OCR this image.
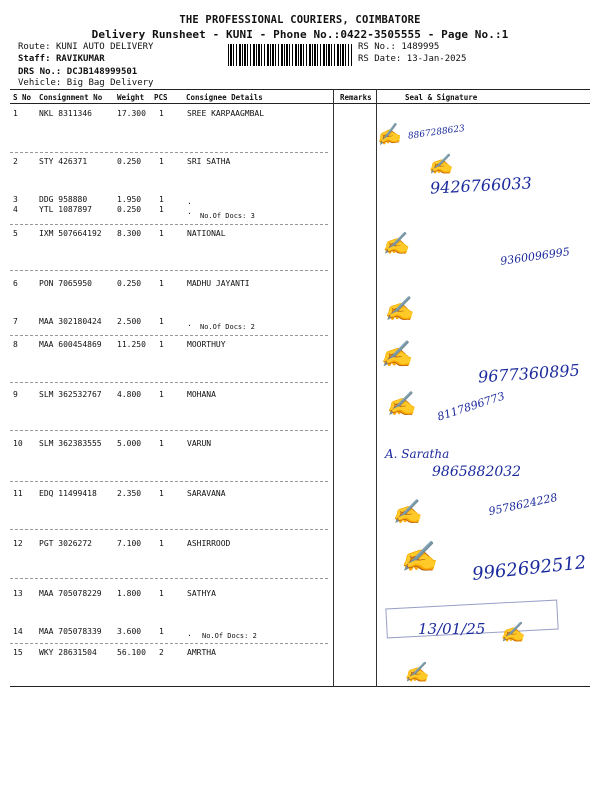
THE PROFESSIONAL COURIERS, COIMBATORE
Delivery Runsheet - KUNI - Phone No.:0422-3505555 - Page No.:1
Route: KUNI AUTO DELIVERY
Staff: RAVIKUMAR
DRS No.: DCJB148999501
Vehicle: Big Bag Delivery
RS No.: 1489995
RS Date: 13-Jan-2025
S No Consignment No Weight PCS Consignee Details	Remarks	Seal & Signature
1	NKL 8311346	17.300 1	SREE KARPAAGMBAL
2	STY 426371	0.250 1	SRI SATHA
3	DDG 958880	1.950 1	.
4	YTL 1087897	0.250 1	.
5	IXM 507664192 8.300 1	NATIONAL
6	PON 7065950	0.250 1	MADHU JAYANTI
7	MAA 302180424 2.500 1	.
8	MAA 600454869 11.250 1	MOORTHUY
9	SLM 362532767 4.800 1	MOHANA
10 SLM 362383555 5.000 1	VARUN
11 EDQ 11499418	2.350 1	SARAVANA
12 PGT 3026272	7.100 1	ASHIRROOD
13 MAA 705078229 1.800 1	SATHYA
14 MAA 705078339 3.600 1	.
15 WKY 28631504	56.100 2	AMRTHA
No.Of Docs: 3
No.Of Docs: 2
No.Of Docs: 2
✍ 8867288623
✍
9426766033
✍	9360096995
✍
✍
9677360895
✍ 8117896773
A. Saratha
9865882032
✍	9578624228
✍ 9962692512
13/01/25 ✍
✍
